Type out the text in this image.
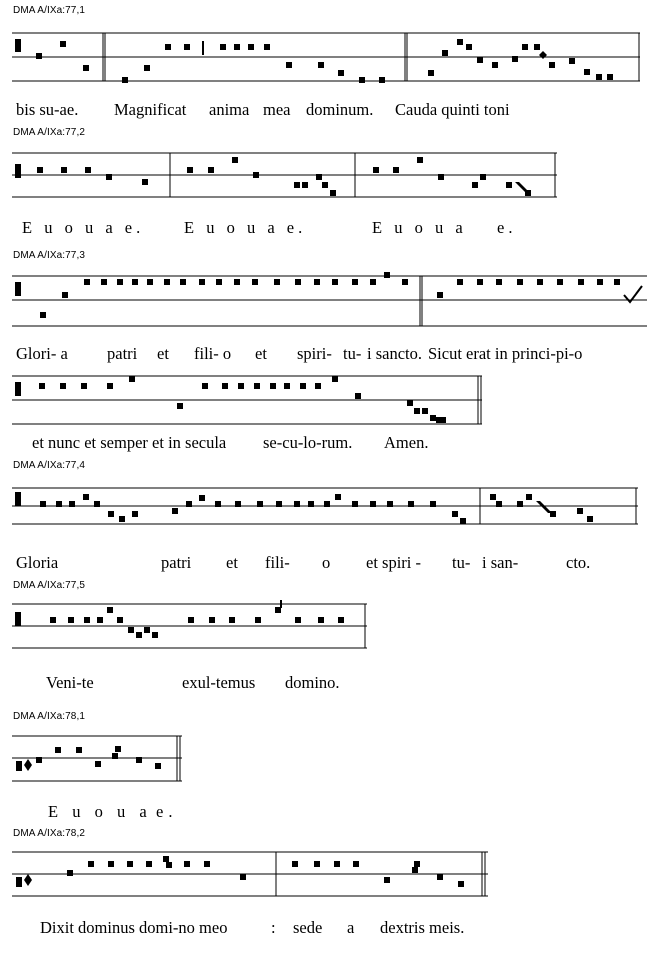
DMA A/IXa:77,1
bis su-ae. Magnificat anima mea dominum. Cauda quinti toni
DMA A/IXa:77,2
E u o u a e. E u o u a e.	E u o u a e.
DMA A/IXa:77,3
Glori- a patri et fili- o et spiri- tu- i sancto. Sicut erat in princi-pi-o
et nunc et semper et in secula se-cu-lo-rum. Amen.
DMA A/IXa:77,4
Gloria	patri et fili- o et spiri - tu- i san-	cto.
DMA A/IXa:77,5
Veni-te	exul-temus domino.
DMA A/IXa:78,1
E u o u a e.
DMA A/IXa:78,2
Dixit dominus domi-no meo	: sede a dextris meis.
